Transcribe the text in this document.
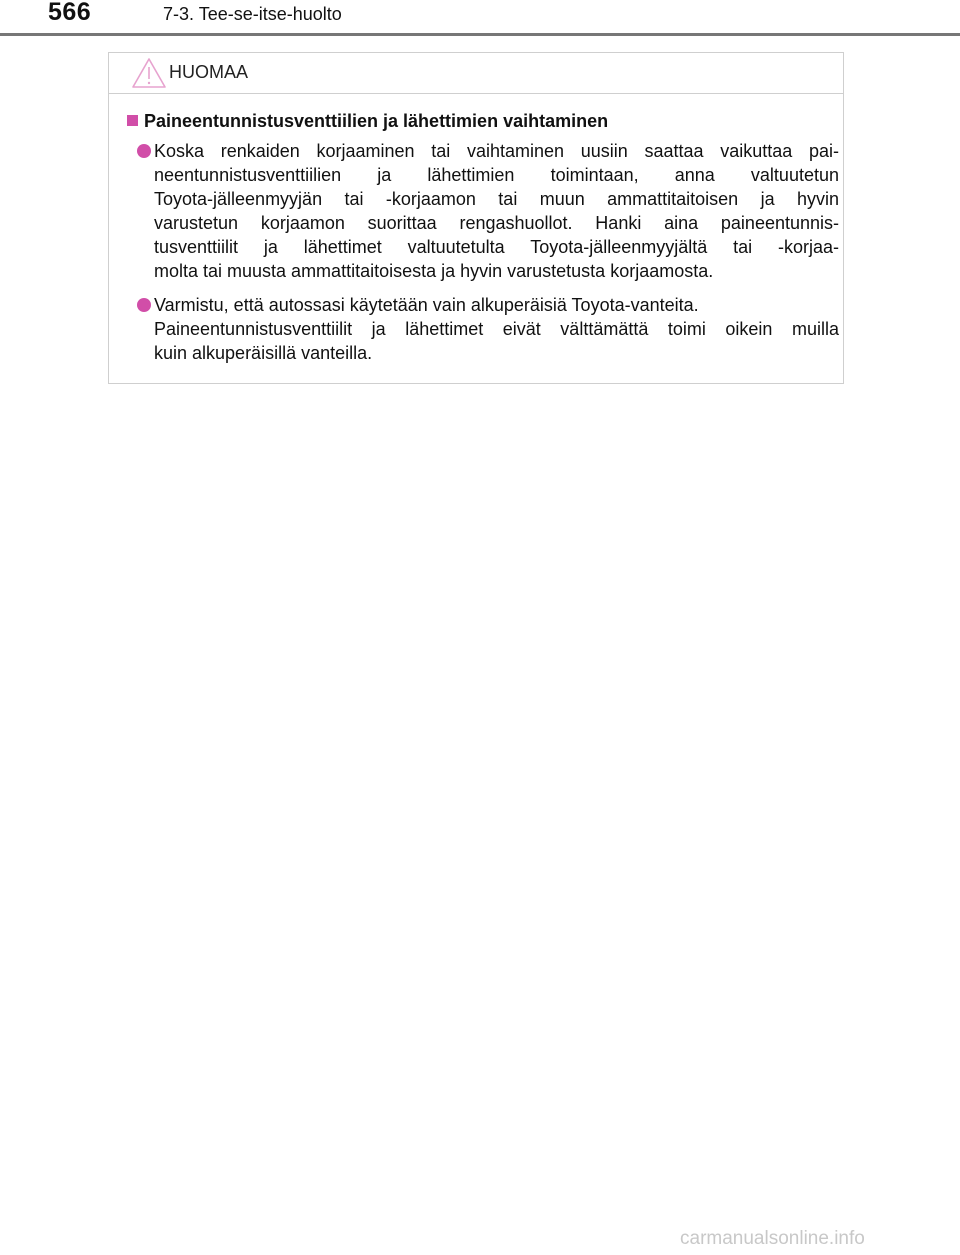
566	7-3. Tee-se-itse-huolto
HUOMAA
Paineentunnistusventtiilien ja lähettimien vaihtaminen
Koska renkaiden korjaaminen tai vaihtaminen uusiin saattaa vaikuttaa pai-
neentunnistusventtiilien ja lähettimien toimintaan, anna valtuutetun
Toyota-jälleenmyyjän tai -korjaamon tai muun ammattitaitoisen ja hyvin
varustetun korjaamon suorittaa rengashuollot. Hanki aina paineentunnis-
tusventtiilit ja lähettimet valtuutetulta Toyota-jälleenmyyjältä tai -korjaa-
molta tai muusta ammattitaitoisesta ja hyvin varustetusta korjaamosta.
Varmistu, että autossasi käytetään vain alkuperäisiä Toyota-vanteita.
Paineentunnistusventtiilit ja lähettimet eivät välttämättä toimi oikein muilla
kuin alkuperäisillä vanteilla.
carmanualsonline.info
